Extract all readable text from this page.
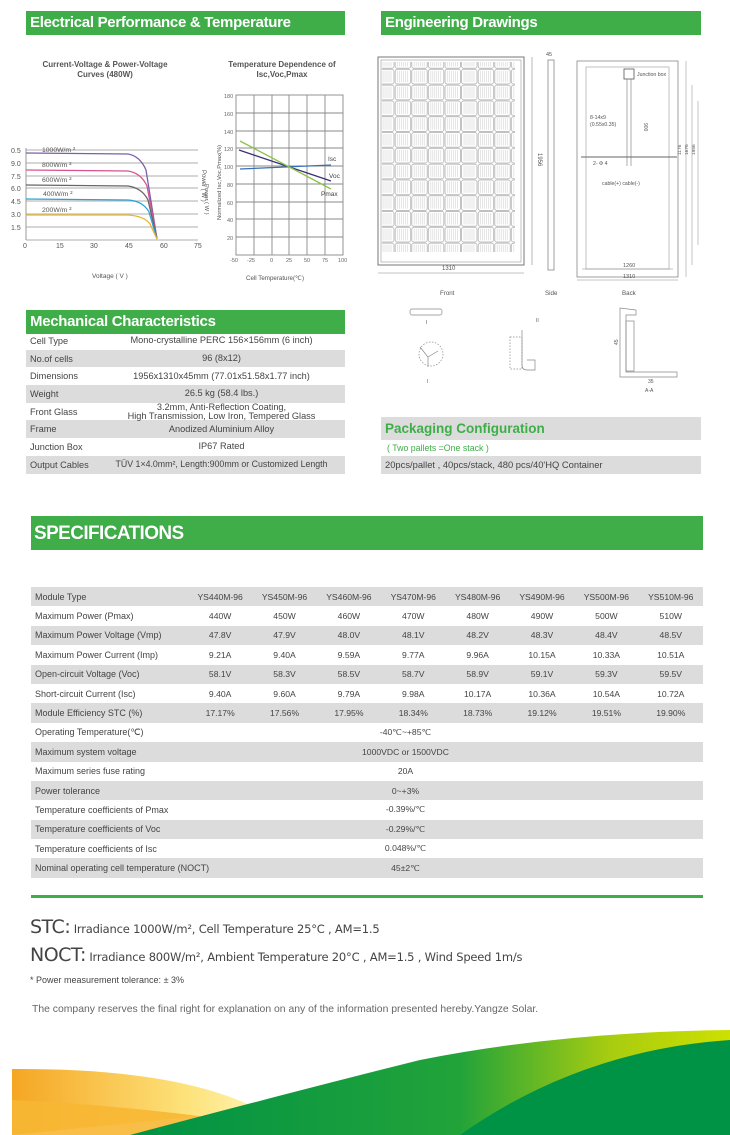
Electrical Performance & Temperature Dependence
Current-Voltage & Power-Voltage Curves (480W)
0.5
9.0
7.5
6.0
4.5
3.0
1.5
0	15	30	45	60	75
Voltage ( V )
1000W/m ²
800W/m ²
600W/m ²
400W/m ²
200W/m ²
Power ( W )
Temperature Dependence of Isc,Voc,Pmax
180
160
140
120
100
80
60
40
20
-50 -25	0 25 50 75 100
Isc
Voc
Pmax
Normalized Isc,Voc,Pmax(%)
Power ( W )
Cell Temperature(℃)
Mechanical Characteristics
Cell Type	Mono-crystalline PERC 156×156mm (6 inch)
No.of cells	96 (8x12)
Dimensions	1956x1310x45mm (77.01x51.58x1.77 inch)
Weight	26.5 kg (58.4 lbs.)
Front Glass	3.2mm, Anti-Reflection Coating,
High Transmission, Low Iron, Tempered Glass
Frame	Anodized Aluminium Alloy
Junction Box	IP67 Rated
Output Cables	TÜV 1×4.0mm², Length:900mm or Customized Length
Engineering Drawings
1956
1310
Front
45
Side
Junction box
8-14x9
(0.55x0.35)	900
2- Φ 4
cable(+) cable(-)
1176 1676 1956
1260
1310
Back
I
I
II
A-A
45
35
Packaging Configuration
( Two pallets =One stack )
20pcs/pallet , 40pcs/stack, 480 pcs/40'HQ Container
SPECIFICATIONS
Module Type	YS440M-96	YS450M-96	YS460M-96	YS470M-96	YS480M-96	YS490M-96	YS500M-96	YS510M-96
Maximum Power (Pmax)	440W	450W	460W	470W	480W	490W	500W	510W
Maximum Power Voltage (Vmp)	47.8V	47.9V	48.0V	48.1V	48.2V	48.3V	48.4V	48.5V
Maximum Power Current (Imp)	9.21A	9.40A	9.59A	9.77A	9.96A	10.15A	10.33A	10.51A
Open-circuit Voltage (Voc)	58.1V	58.3V	58.5V	58.7V	58.9V	59.1V	59.3V	59.5V
Short-circuit Current (Isc)	9.40A	9.60A	9.79A	9.98A	10.17A	10.36A	10.54A	10.72A
Module Efficiency STC (%)	17.17%	17.56%	17.95%	18.34%	18.73%	19.12%	19.51%	19.90%
Operating Temperature(℃)	-40℃~+85℃
Maximum system voltage	1000VDC or 1500VDC
Maximum series fuse rating	20A
Power tolerance	0~+3%
Temperature coefficients of Pmax	-0.39%/℃
Temperature coefficients of Voc	-0.29%/℃
Temperature coefficients of Isc	0.048%/℃
Nominal operating cell temperature (NOCT)	45±2℃
STC: Irradiance 1000W/m², Cell Temperature 25°C , AM=1.5
NOCT: Irradiance 800W/m², Ambient Temperature 20°C , AM=1.5 , Wind Speed 1m/s
* Power measurement tolerance: ± 3%
The company reserves the final right for explanation on any of the information presented hereby.Yangze Solar.
